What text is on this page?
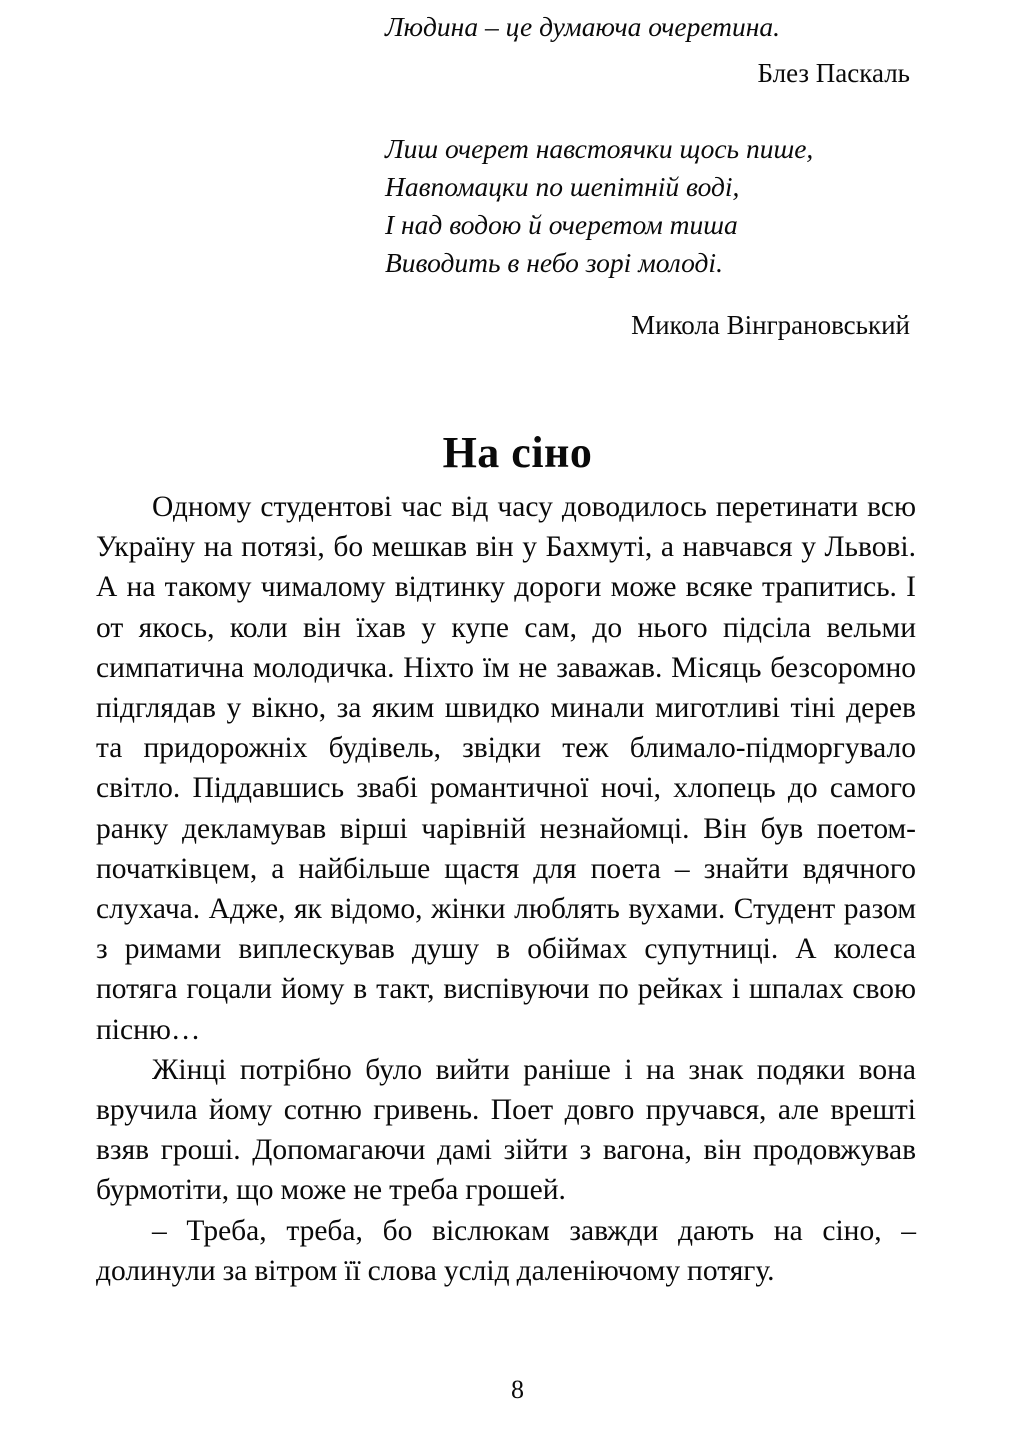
Людина – це думаюча очеретина.
Блез Паскаль
Лиш очерет навстоячки щось пише,
Навпомацки по шепітній воді,
І над водою й очеретом тиша
Виводить в небо зорі молоді.
Микола Вінграновський
На сіно

Одному студентові час від часу доводилось перетинати всю Україну на потязі, бо мешкав він у Бахмуті, а навчався у Львові. А на такому чималому відтинку дороги може всяке трапитись. І от якось, коли він їхав у купе сам, до нього підсіла вельми симпатична молодичка. Ніхто їм не заважав. Місяць безсоромно підглядав у вікно, за яким швидко минали миготливі тіні дерев та придорожніх будівель, звідки теж блимало-підморгувало світло. Піддавшись звабі романтичної ночі, хлопець до самого ранку декламував вірші чарівній незнайомці. Він був поетом-початківцем, а найбільше щастя для поета – знайти вдячного слухача. Адже, як відомо, жінки люблять вухами. Студент разом з римами виплескував душу в обіймах супутниці. А колеса потяга гоцали йому в такт, виспівуючи по рейках і шпалах свою пісню…

Жінці потрібно було вийти раніше і на знак подяки вона вручила йому сотню гривень. Поет довго пручався, але врешті взяв гроші. Допомагаючи дамі зійти з вагона, він продовжував бурмотіти, що може не треба грошей.

– Треба, треба, бо віслюкам завжди дають на сіно, – долинули за вітром її слова услід даленіючому потягу.

8
